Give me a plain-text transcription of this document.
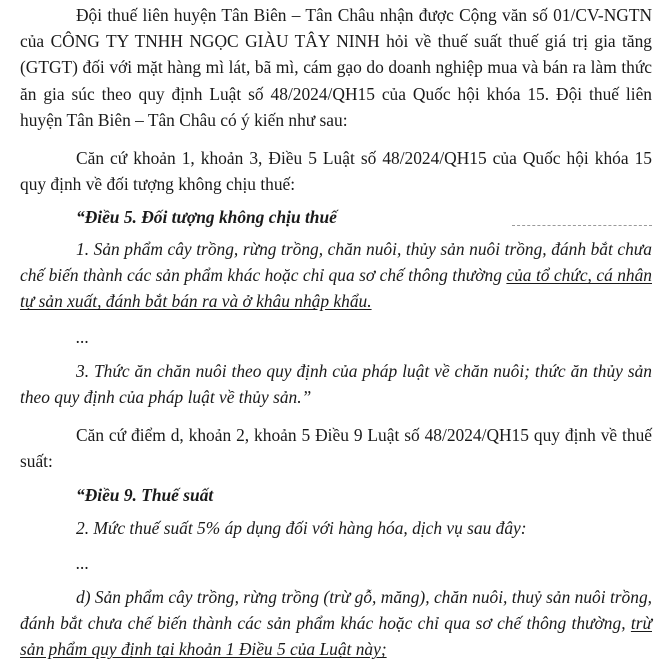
Đội thuế liên huyện Tân Biên – Tân Châu nhận được Cộng văn số 01/CV-NGTN của CÔNG TY TNHH NGỌC GIÀU TÂY NINH hỏi về thuế suất thuế giá trị gia tăng (GTGT) đối với mặt hàng mì lát, bã mì, cám gạo do doanh nghiệp mua và bán ra làm thức ăn gia súc theo quy định Luật số 48/2024/QH15 của Quốc hội khóa 15. Đội thuế liên huyện Tân Biên – Tân Châu có ý kiến như sau:

Căn cứ khoản 1, khoản 3, Điều 5 Luật số 48/2024/QH15 của Quốc hội khóa 15 quy định về đối tượng không chịu thuế:

“Điều 5. Đối tượng không chịu thuế

1. Sản phẩm cây trồng, rừng trồng, chăn nuôi, thủy sản nuôi trồng, đánh bắt chưa chế biến thành các sản phẩm khác hoặc chỉ qua sơ chế thông thường của tổ chức, cá nhân tự sản xuất, đánh bắt bán ra và ở khâu nhập khẩu.

...

3. Thức ăn chăn nuôi theo quy định của pháp luật về chăn nuôi; thức ăn thủy sản theo quy định của pháp luật về thủy sản.”

Căn cứ điểm d, khoản 2, khoản 5 Điều 9 Luật số 48/2024/QH15 quy định về thuế suất:

“Điều 9. Thuế suất

2. Mức thuế suất 5% áp dụng đối với hàng hóa, dịch vụ sau đây:

...

d) Sản phẩm cây trồng, rừng trồng (trừ gỗ, măng), chăn nuôi, thuỷ sản nuôi trồng, đánh bắt chưa chế biến thành các sản phẩm khác hoặc chỉ qua sơ chế thông thường, trừ sản phẩm quy định tại khoản 1 Điều 5 của Luật này;
